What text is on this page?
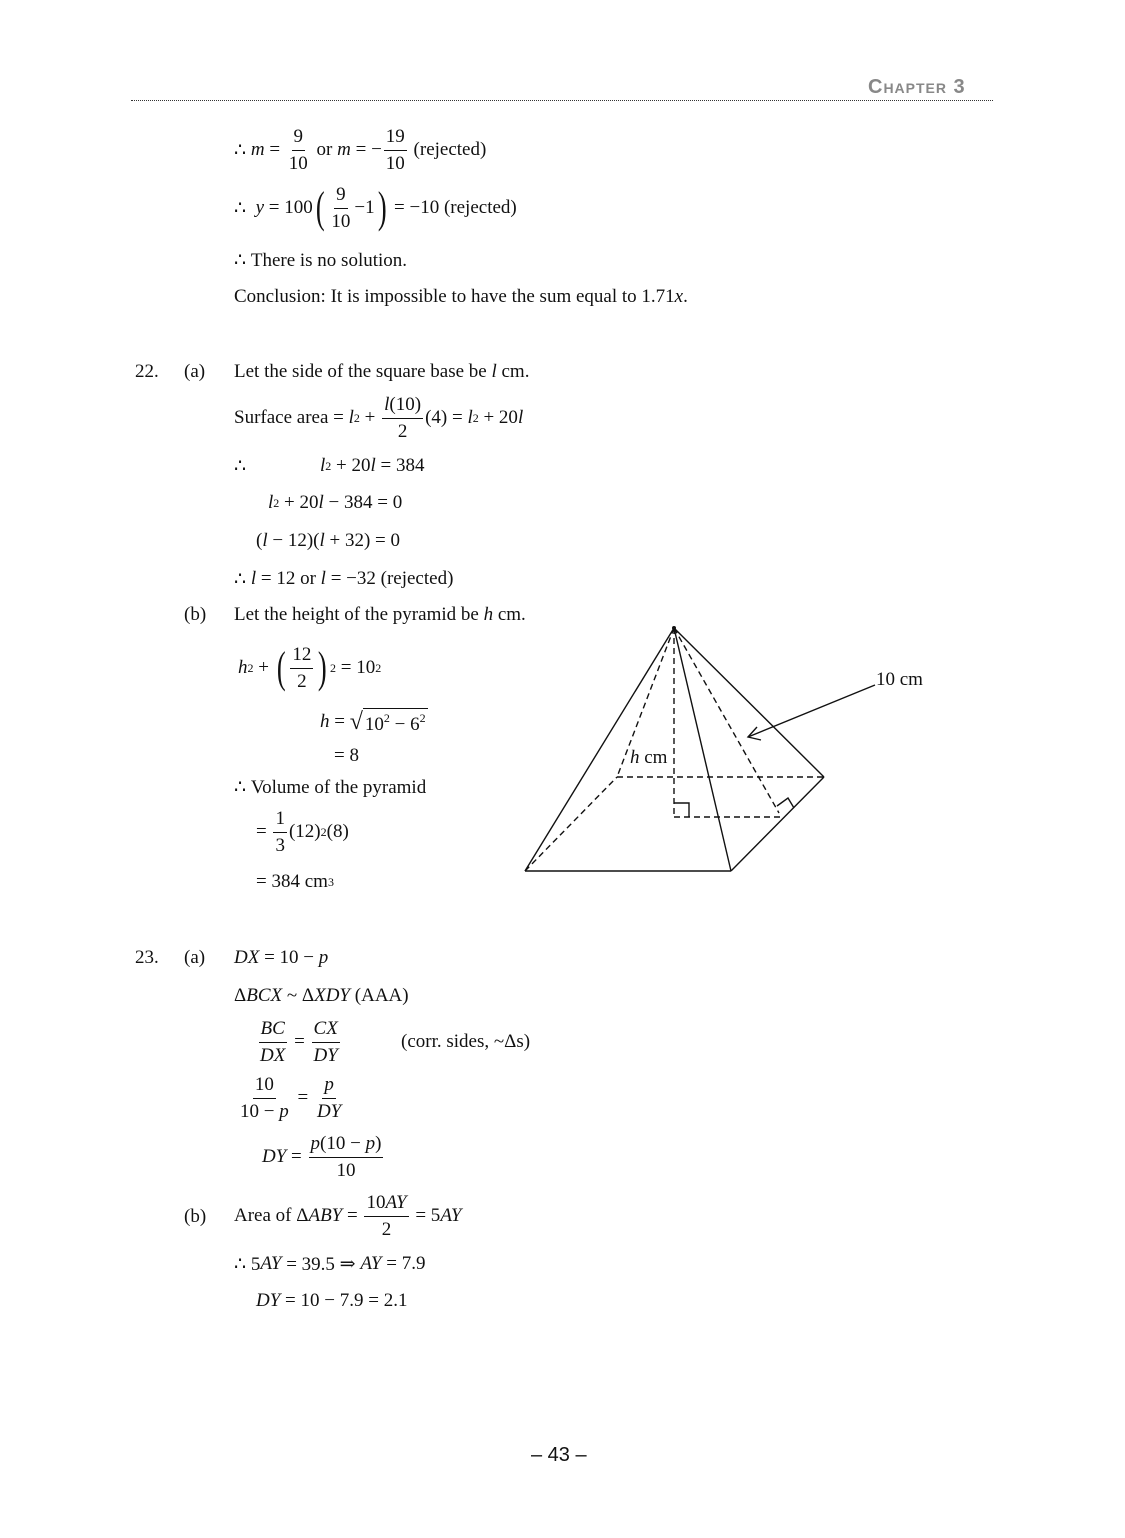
Chapter 3
22. (a)
(b)
23. (a)
(b)
∴ $m = \frac{9}{10}$ or m = − $\frac{19}{10}$ (rejected)
∴ y = 100 ( $\frac{9}{10} -1$ ) = −10 (rejected)
∴ There is no solution.
Conclusion: It is impossible to have the sum equal to 1.71 x .
Let the side of the square base be l cm.
Surface area = l $2 + \frac{l(10)}{2} (4) = l$ 2 + 20 l
∴	l 2 + 20 l = 384
l 2 + 20 l − 384 = 0
( l − 12)( l + 32) = 0
∴ l = 12 or l = −32 (rejected)
Let the height of the pyramid be h cm.
h 2 + ( $\frac{12}{2}$ ) 2 = 10 2
h = √ $10^2 - 6^2$
= 8
∴ Volume of the pyramid
= $\frac{1}{3} (12)$ 2 (8)
= 384 cm 3
DX = 10 − p
Δ BCX ~ Δ XDY (AAA)
$\frac{BC}{DX} = \frac{CX}{DY}$	(corr. sides, ~Δs)
$\frac{10}{10 - p} = \frac{p}{DY}$
DY = $\frac{p(10 - p)}{10}$
Area of Δ ABY = $\frac{10AY}{2} = 5$ AY
∴ 5 AY = 39.5 ⇒ AY = 7.9
DY = 10 − 7.9 = 2.1
10 cm
h cm
– 43 –
